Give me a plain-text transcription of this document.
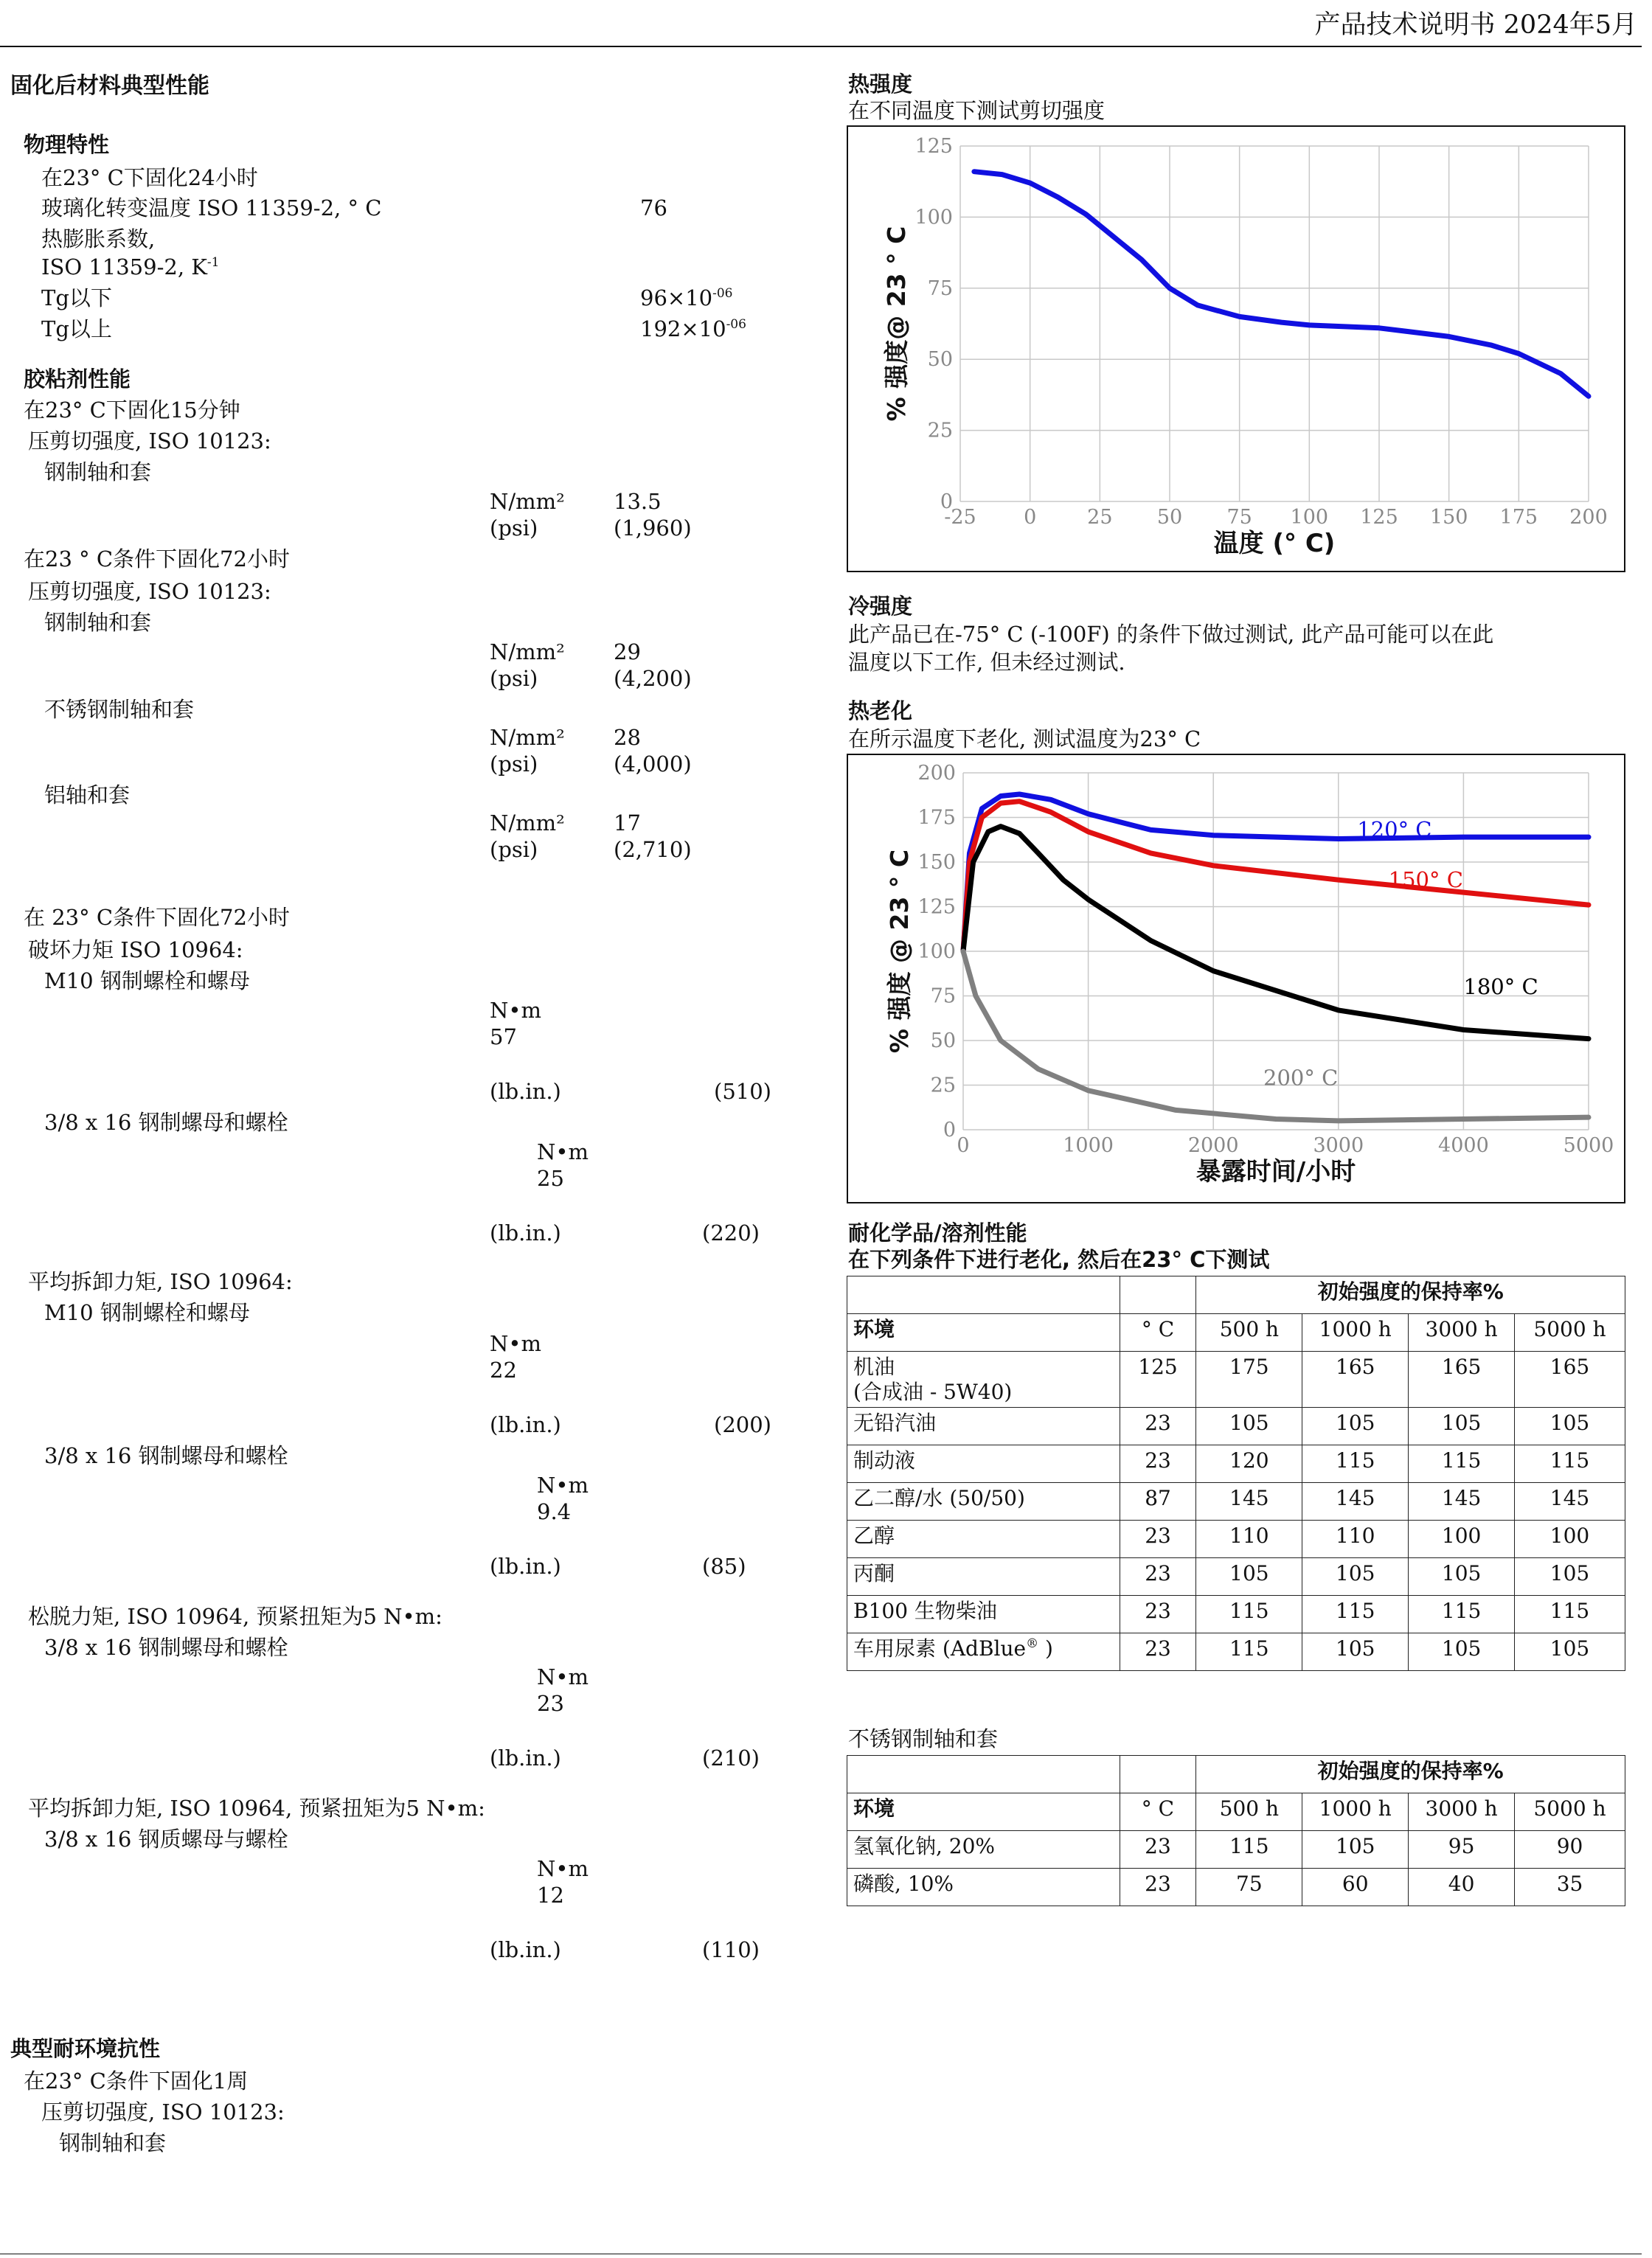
产品技术说明书 2024年5月
固化后材料典型性能
物理特性
在23° C下固化24小时
玻璃化转变温度 ISO 11359-2, ° C	76
热膨胀系数,
ISO 11359-2, $K^{-1}$
Tg以下	$96\times 10^{-06}$
Tg以上	$192\times 10^{-06}$
胶粘剂性能
在23° C下固化15分钟
压剪切强度, ISO 10123:
钢制轴和套
N/mm² 13.5
(psi)	(1,960)
在23 ° C条件下固化72小时
压剪切强度, ISO 10123:
钢制轴和套
N/mm² 29
(psi)	(4,200)
不锈钢制轴和套
N/mm² 28
(psi)	(4,000)
铝轴和套
N/mm² 17
(psi)	(2,710)
在 23° C条件下固化72小时
破坏力矩 ISO 10964:
M10 钢制螺栓和螺母
N•m
57
(lb.in.)	(510)
3/8 x 16 钢制螺母和螺栓
N•m
25
(lb.in.)	(220)
平均拆卸力矩, ISO 10964:
M10 钢制螺栓和螺母
N•m
22
(lb.in.)	(200)
3/8 x 16 钢制螺母和螺栓
N•m
9.4
(lb.in.)	(85)
松脱力矩, ISO 10964, 预紧扭矩为5 N•m:
3/8 x 16 钢制螺母和螺栓
N•m
23
(lb.in.)	(210)
平均拆卸力矩, ISO 10964, 预紧扭矩为5 N•m:
3/8 x 16 钢质螺母与螺栓
N•m
12
(lb.in.)	(110)
典型耐环境抗性
在23° C条件下固化1周
压剪切强度, ISO 10123:
钢制轴和套
热强度
在不同温度下测试剪切强度
-25 0	25 50 75 100 125 150 175 200
0
25
50
75
100
125
温度 (° C)
% 强度@ 23 ° C
冷强度
此产品已在-75° C (-100F) 的条件下做过测试, 此产品可能可以在此
温度以下工作, 但未经过测试.
热老化
在所示温度下老化, 测试温度为23° C
0	1000	2000	3000	4000	5000
0
25
50
75
100
125
150
175
200
120° C
150° C
180° C
200° C
暴露时间/小时
% 强度 @ 23 ° C
耐化学品/溶剂性能
在下列条件下进行老化, 然后在23° C下测试
		初始强度的保持率%			
环境	° C	500 h	1000 h	3000 h	5000 h
机油
(合成油 - 5W40)	125	175	165	165	165
无铅汽油	23	105	105	105	105
制动液	23	120	115	115	115
乙二醇/水 (50/50)	87	145	145	145	145
乙醇	23	110	110	100	100
丙酮	23	105	105	105	105
B100 生物柴油	23	115	115	115	115
车用尿素 (AdBlue® )	23	115	105	105	105
不锈钢制轴和套
		初始强度的保持率%			
环境	° C	500 h	1000 h	3000 h	5000 h
氢氧化钠, 20%	23	115	105	95	90
磷酸, 10%	23	75	60	40	35
